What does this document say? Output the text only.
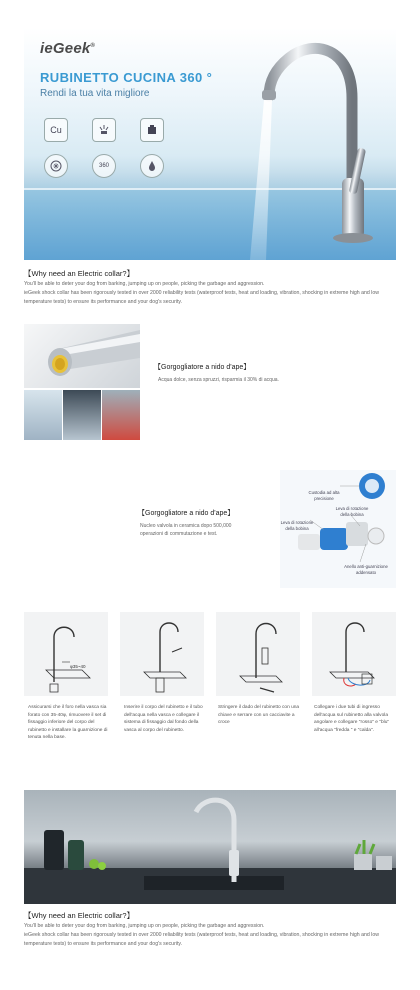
ieGeek®
RUBINETTO CUCINA 360 °
Rendi la tua vita migliore
Cu
360
【Why need an Electric collar?】
You'll be able to deter your dog from barking, jumping up on people, picking the garbage and aggression.
ieGeek shock collar has been rigorously tested in over 2000 reliability tests (waterproof tests, heat and loading, vibration, shocking in extreme high and low temperature tests) to ensure its performance and your dog's security.
【Gorgogliatore a nido d'ape】
Acqua dolce, senza spruzzi, risparmia il 30% di acqua.
【Gorgogliatore a nido d'ape】
Nucleo valvola in ceramica dopo 500,000 operazioni di commutazione e test.
Custodia ad alta precisione
Leva di rotazione della bobina
Leva di rotazione della bobina
Anello anti-guarnizione addensato
φ35~40
Assicurarsi che il foro nella vasca sia forato con 35-40φ, rimuovere il set di fissaggio inferiore del corpo del rubinetto e installare la guarnizione di tenuta nella base.
Inserire il corpo del rubinetto e il tubo dell'acqua nella vasca e collegare il sistema di fissaggio dal fondo della vasca al corpo del rubinetto.
Stringere il dado del rubinetto con una chiave e serrare con un cacciavite a croce
Collegare i due tubi di ingresso dell'acqua sul rubinetto alla valvola angolare e collegare "rosso" e "blu" all'acqua "fredda " e "calda".
【Why need an Electric collar?】
You'll be able to deter your dog from barking, jumping up on people, picking the garbage and aggression.
ieGeek shock collar has been rigorously tested in over 2000 reliability tests (waterproof tests, heat and loading, vibration, shocking in extreme high and low temperature tests) to ensure its performance and your dog's security.
